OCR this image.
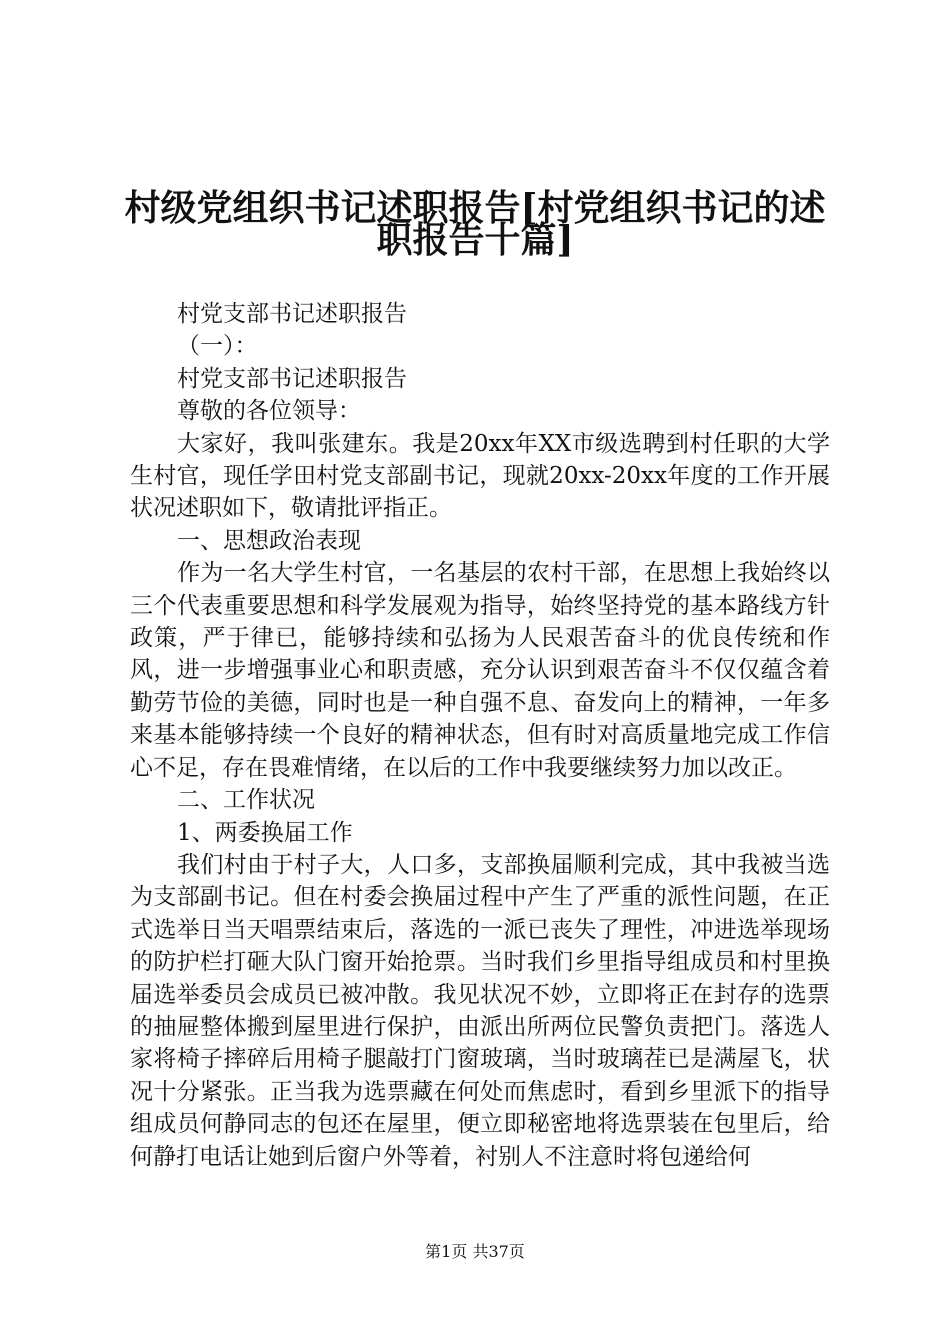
村级党组织书记述职报告[村党组织书记的述
职报告十篇]

村党支部书记述职报告

（一）：

村党支部书记述职报告

尊敬的各位领导：

大家好，我叫张建东。我是20xx年XX市级选聘到村任职的大学生村官，现任学田村党支部副书记，现就20xx-20xx年度的工作开展状况述职如下，敬请批评指正。

一、思想政治表现

作为一名大学生村官，一名基层的农村干部，在思想上我始终以三个代表重要思想和科学发展观为指导，始终坚持党的基本路线方针政策，严于律已，能够持续和弘扬为人民艰苦奋斗的优良传统和作风，进一步增强事业心和职责感，充分认识到艰苦奋斗不仅仅蕴含着勤劳节俭的美德，同时也是一种自强不息、奋发向上的精神，一年多来基本能够持续一个良好的精神状态，但有时对高质量地完成工作信心不足，存在畏难情绪，在以后的工作中我要继续努力加以改正。

二、工作状况

1、两委换届工作

我们村由于村子大，人口多，支部换届顺利完成，其中我被当选为支部副书记。但在村委会换届过程中产生了严重的派性问题，在正式选举日当天唱票结束后，落选的一派已丧失了理性，冲进选举现场的防护栏打砸大队门窗开始抢票。当时我们乡里指导组成员和村里换届选举委员会成员已被冲散。我见状况不妙，立即将正在封存的选票的抽屉整体搬到屋里进行保护，由派出所两位民警负责把门。落选人家将椅子摔碎后用椅子腿敲打门窗玻璃，当时玻璃茬已是满屋飞，状况十分紧张。正当我为选票藏在何处而焦虑时，看到乡里派下的指导组成员何静同志的包还在屋里，便立即秘密地将选票装在包里后，给何静打电话让她到后窗户外等着，衬别人不注意时将包递给何

第1页 共37页
